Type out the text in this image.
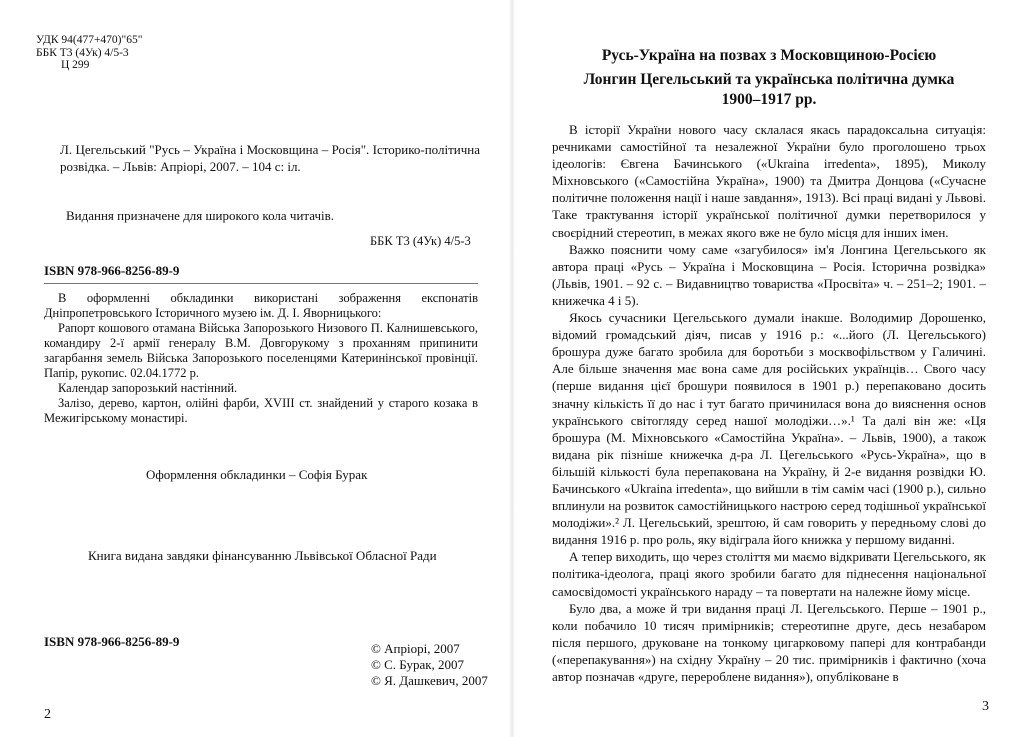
УДК 94(477+470)"65"
ББК Т3 (4Ук) 4/5-3
Ц 299
Л. Цегельський "Русь – Україна і Московщина – Росія". Історико-політична розвідка. – Львів: Апріорі, 2007. – 104 с: іл.
Видання призначене для широкого кола читачів.
ББК Т3 (4Ук) 4/5-3
ISBN 978-966-8256-89-9

В оформленні обкладинки використані зображення експонатів Дніпропетровського Історичного музею ім. Д. І. Яворницького:

Рапорт кошового отамана Війська Запорозького Низового П. Калнишевського, командиру 2-ї армії генералу В.М. Довгорукому з проханням припинити загарбання земель Війська Запорозького поселенцями Катеринінської провінції. Папір, рукопис. 02.04.1772 р.

Календар запорозький настінний.

Залізо, дерево, картон, олійні фарби, XVIII ст. знайдений у старого козака в Межигірському монастирі.

Оформлення обкладинки – Софія Бурак
Книга видана завдяки фінансуванню Львівської Обласної Ради
ISBN 978-966-8256-89-9	© Апріорі, 2007
© С. Бурак, 2007
© Я. Дашкевич, 2007
2
Русь-Україна на позвах з Московщиною-Росією
Лонгин Цегельський та українська політична думка
1900–1917 рр.

В історії України нового часу склалася якась парадоксальна ситуація: речниками самостійної та незалежної України було проголошено трьох ідеологів: Євгена Бачинського («Ukraina irredenta», 1895), Миколу Міхновського («Самостійна Україна», 1900) та Дмитра Донцова («Сучасне політичне положення нації і наше завдання», 1913). Всі праці видані у Львові. Таке трактування історії української політичної думки перетворилося у своєрідний стереотип, в межах якого вже не було місця для інших імен.

Важко пояснити чому саме «загубилося» ім'я Лонгина Цегельського як автора праці «Русь – Україна і Московщина – Росія. Історична розвідка» (Львів, 1901. – 92 с. – Видавництво товариства «Просвіта» ч. – 251–2; 1901. – книжечка 4 і 5).

Якось сучасники Цегельського думали інакше. Володимир Дорошенко, відомий громадський діяч, писав у 1916 р.: «...його (Л. Цегельського) брошура дуже багато зробила для боротьби з москвофільством у Галичині. Але більше значення має вона саме для російських українців… Свого часу (перше видання цієї брошури появилося в 1901 р.) перепаковано досить значну кількість її до нас і тут багато причинилася вона до вияснення основ українського світогляду серед нашої молодіжи…».¹ Та далі він же: «Ця брошура (М. Міхновського «Самостійна Україна». – Львів, 1900), а також видана рік пізніше книжечка д-ра Л. Цегельського «Русь-Україна», що в більшій кількості була перепакована на Україну, й 2-е видання розвідки Ю. Бачинського «Ukraina irredenta», що вийшли в тім самім часі (1900 р.), сильно вплинули на розвиток самостійницького настрою серед тодішньої української молодіжи».² Л. Цегельський, зрештою, й сам говорить у передньому слові до видання 1916 р. про роль, яку відіграла його книжка у першому виданні.

А тепер виходить, що через століття ми маємо відкривати Цегельського, як політика-ідеолога, праці якого зробили багато для піднесення національної самосвідомості українського нараду – та повертати на належне йому місце.

Було два, а може й три видання праці Л. Цегельського. Перше – 1901 р., коли побачило 10 тисяч примірників; стереотипне друге, десь незабаром після першого, друковане на тонкому цигарковому папері для контрабанди («перепакування») на східну Україну – 20 тис. примірників і фактично (хоча автор позначав «друге, перероблене видання»), опубліковане в

3
